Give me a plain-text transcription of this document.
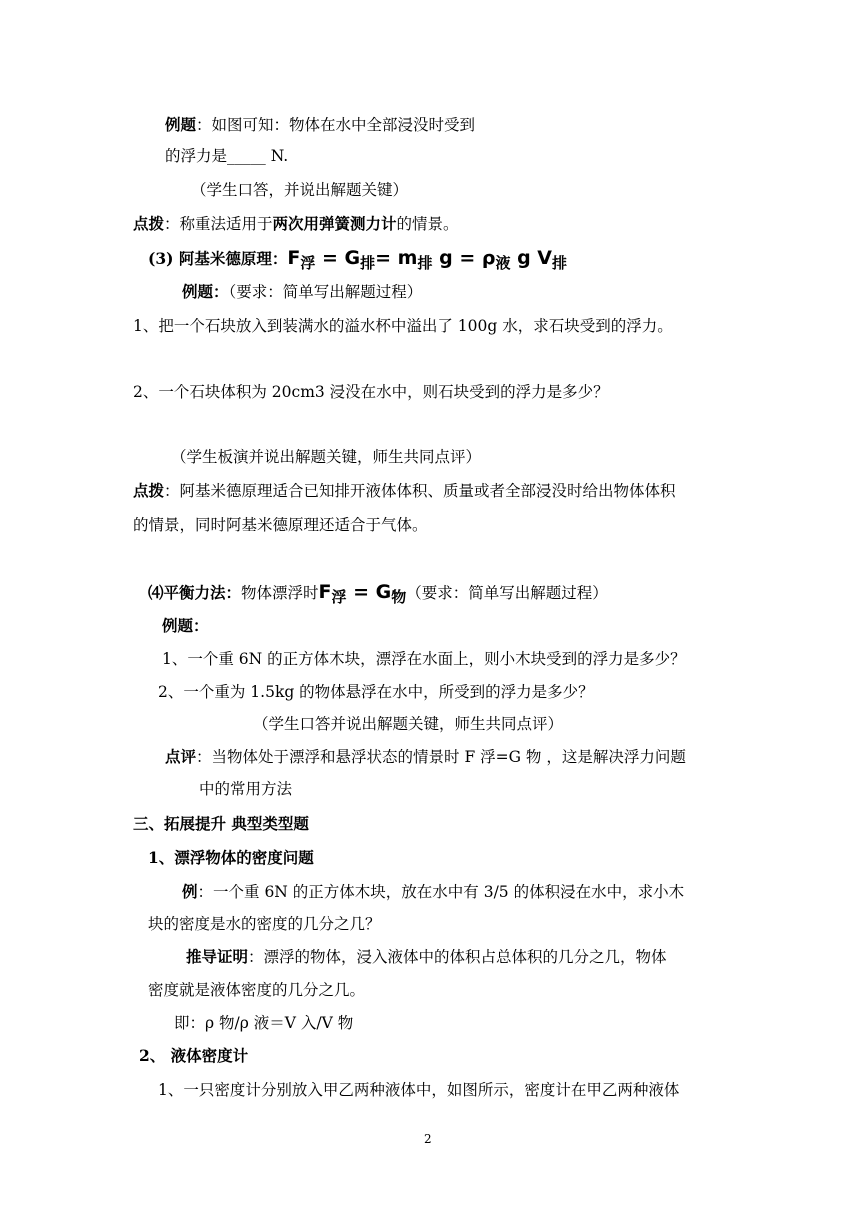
例题：如图可知：物体在水中全部浸没时受到
的浮力是_____ N.
（学生口答，并说出解题关键）
点拨：称重法适用于两次用弹簧测力计的情景。
(3) 阿基米德原理：F浮 = G排= m排 g = ρ液 g V排
例题：（要求：简单写出解题过程）
1、把一个石块放入到装满水的溢水杯中溢出了 100g 水，求石块受到的浮力。
2、一个石块体积为 20cm3 浸没在水中，则石块受到的浮力是多少？
（学生板演并说出解题关键，师生共同点评）
点拨：阿基米德原理适合已知排开液体体积、质量或者全部浸没时给出物体体积
的情景，同时阿基米德原理还适合于气体。
⑷平衡力法：物体漂浮时F浮 = G物（要求：简单写出解题过程）
例题：
1、一个重 6N 的正方体木块，漂浮在水面上，则小木块受到的浮力是多少？
2、一个重为 1.5kg 的物体悬浮在水中，所受到的浮力是多少？
（学生口答并说出解题关键，师生共同点评）
点评：当物体处于漂浮和悬浮状态的情景时 F 浮=G 物 ，这是解决浮力问题
中的常用方法
三、拓展提升 典型类型题
1、漂浮物体的密度问题
例：一个重 6N 的正方体木块，放在水中有 3/5 的体积浸在水中，求小木
块的密度是水的密度的几分之几？
推导证明：漂浮的物体，浸入液体中的体积占总体积的几分之几，物体
密度就是液体密度的几分之几。
即：ρ 物/ρ 液＝V 入/V 物
2、 液体密度计
1、一只密度计分别放入甲乙两种液体中，如图所示，密度计在甲乙两种液体
2
